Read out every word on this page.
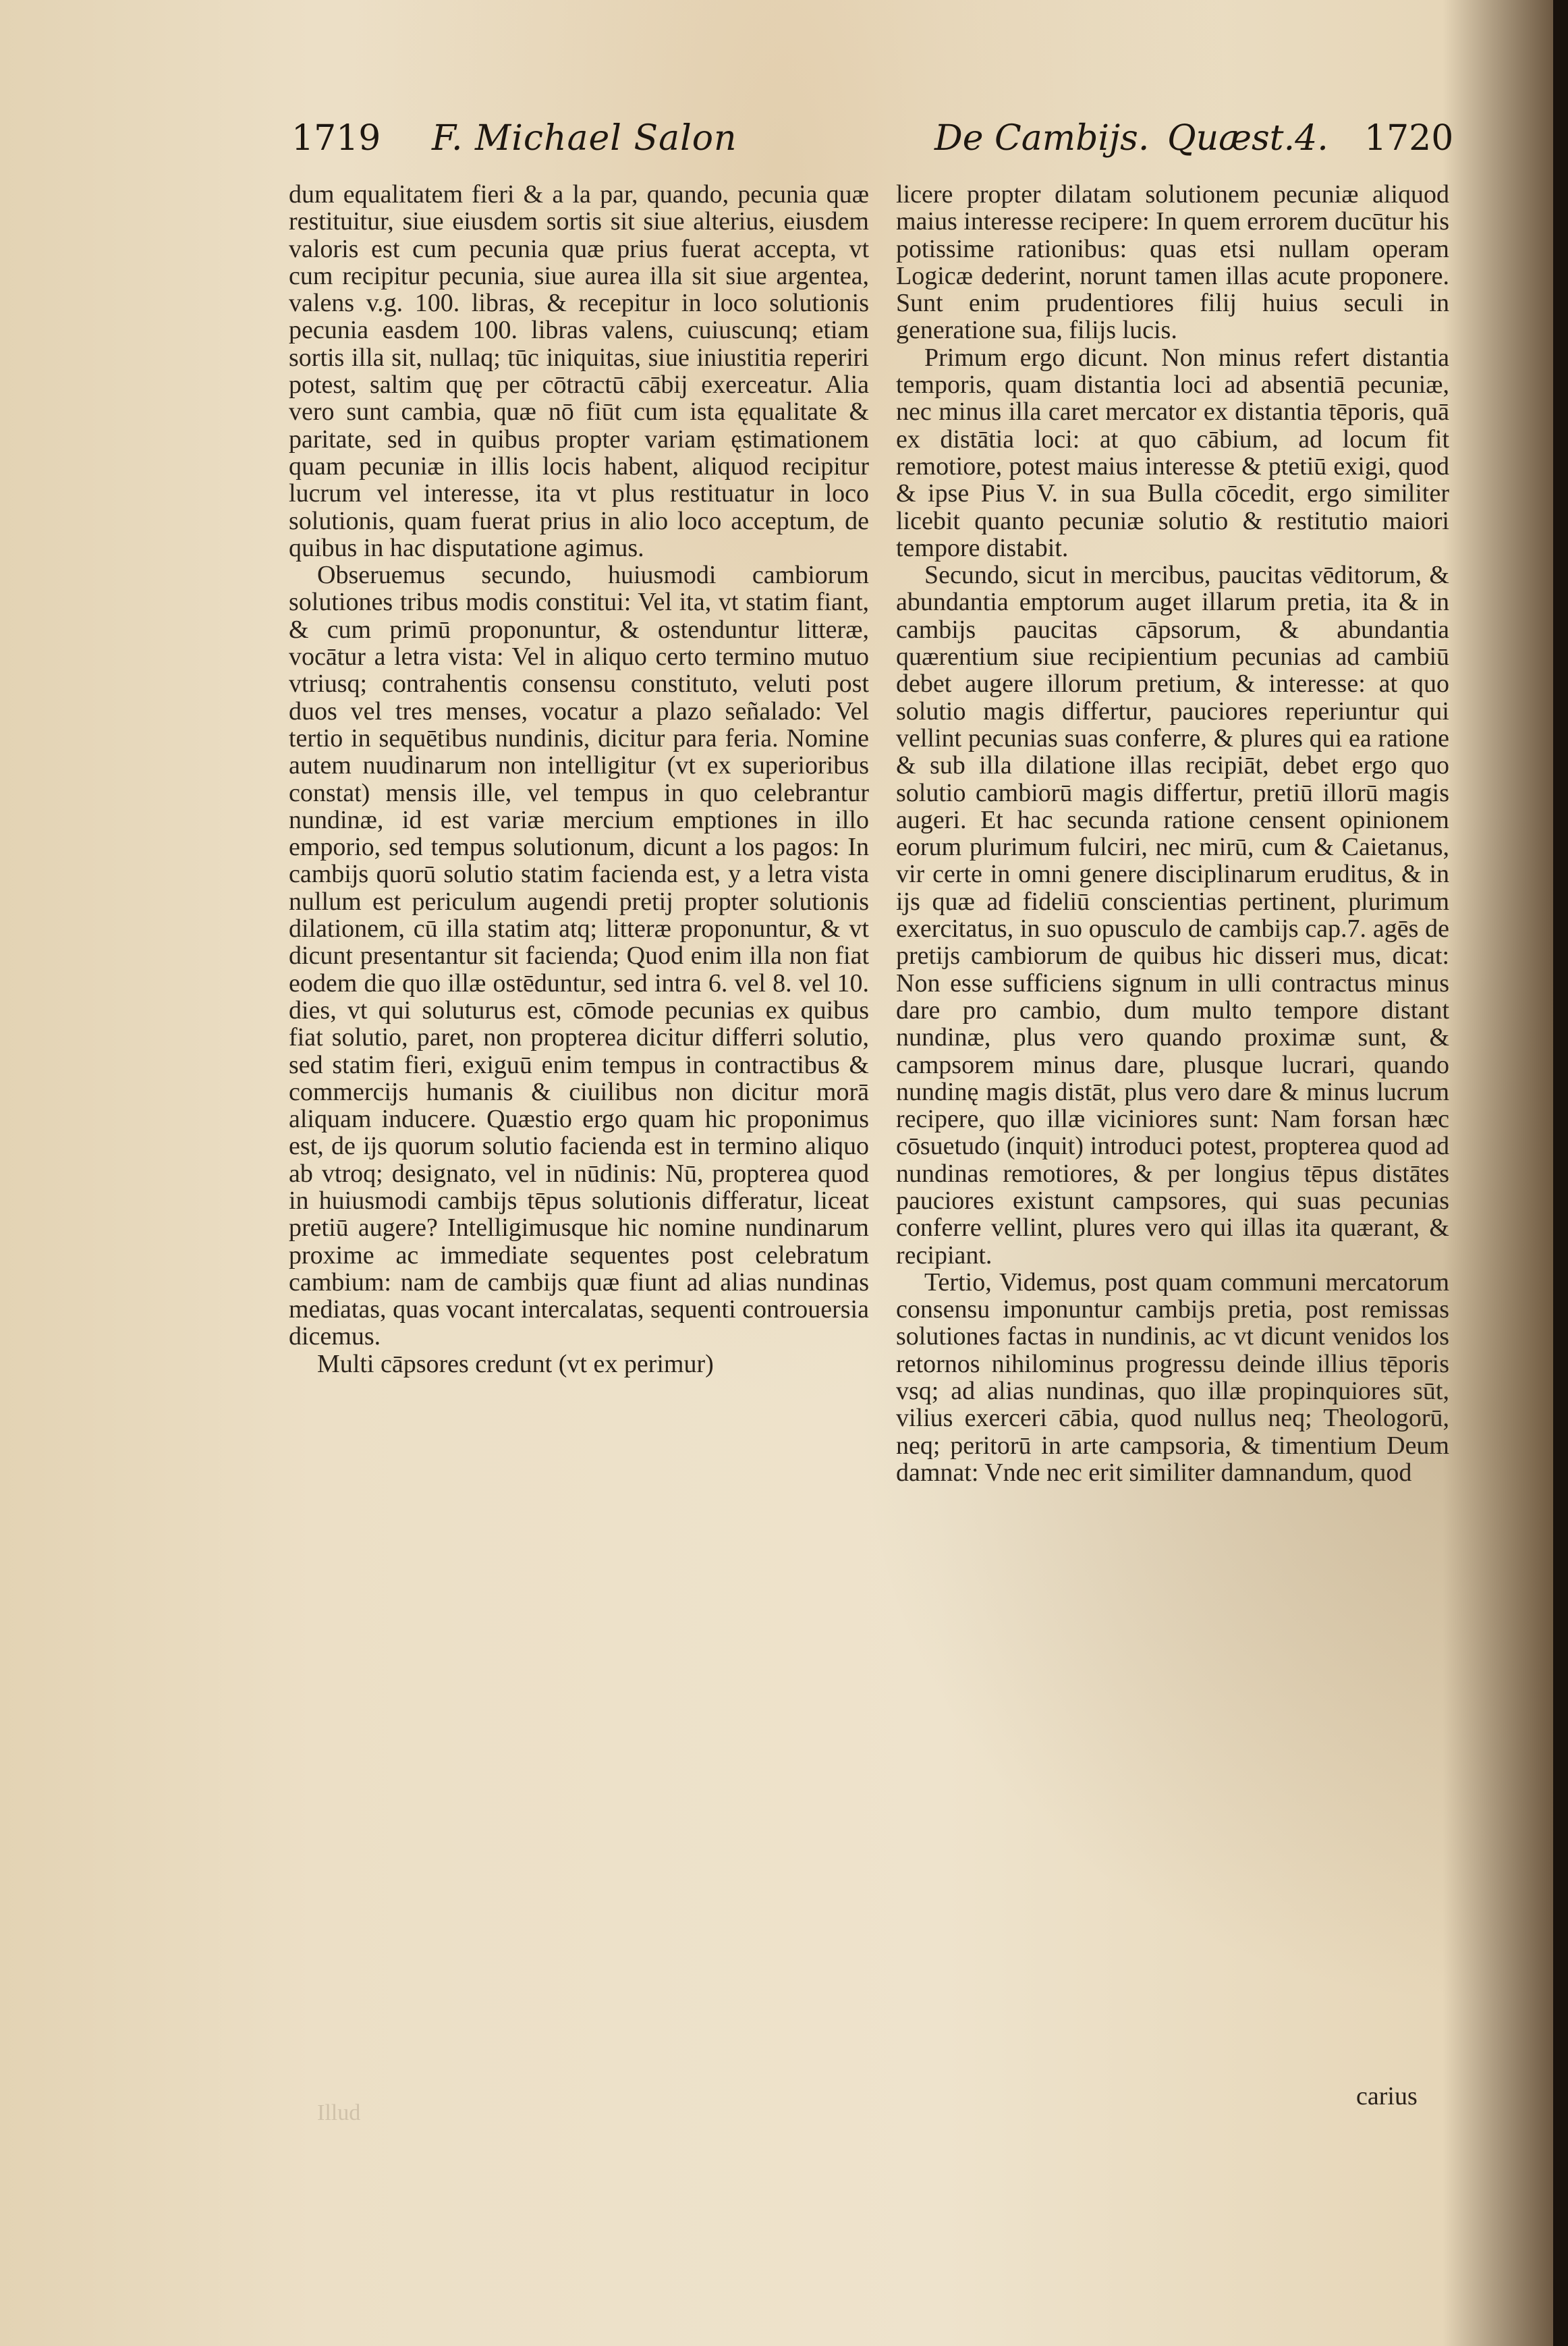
1719 F. Michael Salon	De Cambijs. Quæst.4. 1720

dum equalitatem fieri & a la par, quando, pecunia quæ restituitur, siue eiusdem sortis sit siue alterius, eiusdem valoris est cum pecunia quæ prius fuerat accepta, vt cum recipitur pecunia, siue aurea illa sit siue argentea, valens v.g. 100. libras, & recepitur in loco solutionis pecunia easdem 100. libras valens, cuiuscunq; etiam sortis illa sit, nullaq; tūc iniquitas, siue iniustitia reperiri potest, saltim quę per cōtractū cābij exerceatur. Alia vero sunt cambia, quæ nō fiūt cum ista ęqualitate & paritate, sed in quibus propter variam ęstimationem quam pecuniæ in illis locis habent, aliquod recipitur lucrum vel interesse, ita vt plus restituatur in loco solutionis, quam fuerat prius in alio loco acceptum, de quibus in hac disputatione agimus.

Obseruemus secundo, huiusmodi cambiorum solutiones tribus modis constitui: Vel ita, vt statim fiant, & cum primū proponuntur, & ostenduntur litteræ, vocātur a letra vista: Vel in aliquo certo termino mutuo vtriusq; contrahentis consensu constituto, veluti post duos vel tres menses, vocatur a plazo señalado: Vel tertio in sequētibus nundinis, dicitur para feria. Nomine autem nuudinarum non intelligitur (vt ex superioribus constat) mensis ille, vel tempus in quo celebrantur nundinæ, id est variæ mercium emptiones in illo emporio, sed tempus solutionum, dicunt a los pagos: In cambijs quorū solutio statim facienda est, y a letra vista nullum est periculum augendi pretij propter solutionis dilationem, cū illa statim atq; litteræ proponuntur, & vt dicunt presentantur sit facienda; Quod enim illa non fiat eodem die quo illæ ostēduntur, sed intra 6. vel 8. vel 10. dies, vt qui soluturus est, cōmode pecunias ex quibus fiat solutio, paret, non propterea dicitur differri solutio, sed statim fieri, exiguū enim tempus in contractibus & commercijs humanis & ciuilibus non dicitur morā aliquam inducere. Quæstio ergo quam hic proponimus est, de ijs quorum solutio facienda est in termino aliquo ab vtroq; designato, vel in nūdinis: Nū, propterea quod in huiusmodi cambijs tēpus solutionis differatur, liceat pretiū augere? Intelligimusque hic nomine nundinarum proxime ac immediate sequentes post celebratum cambium: nam de cambijs quæ fiunt ad alias nundinas mediatas, quas vocant intercalatas, sequenti controuersia dicemus.

Multi cāpsores credunt (vt ex perimur)

licere propter dilatam solutionem pecuniæ aliquod maius interesse recipere: In quem errorem ducūtur his potissime rationibus: quas etsi nullam operam Logicæ dederint, norunt tamen illas acute proponere. Sunt enim prudentiores filij huius seculi in generatione sua, filijs lucis.

Primum ergo dicunt. Non minus refert distantia temporis, quam distantia loci ad absentiā pecuniæ, nec minus illa caret mercator ex distantia tēporis, quā ex distātia loci: at quo cābium, ad locum fit remotiore, potest maius interesse & ptetiū exigi, quod & ipse Pius V. in sua Bulla cōcedit, ergo similiter licebit quanto pecuniæ solutio & restitutio maiori tempore distabit.

Secundo, sicut in mercibus, paucitas vēditorum, & abundantia emptorum auget illarum pretia, ita & in cambijs paucitas cāpsorum, & abundantia quærentium siue recipientium pecunias ad cambiū debet augere illorum pretium, & interesse: at quo solutio magis differtur, pauciores reperiuntur qui vellint pecunias suas conferre, & plures qui ea ratione & sub illa dilatione illas recipiāt, debet ergo quo solutio cambiorū magis differtur, pretiū illorū magis augeri. Et hac secunda ratione censent opinionem eorum plurimum fulciri, nec mirū, cum & Caietanus, vir certe in omni genere disciplinarum eruditus, & in ijs quæ ad fideliū conscientias pertinent, plurimum exercitatus, in suo opusculo de cambijs cap.7. agēs de pretijs cambiorum de quibus hic disseri mus, dicat: Non esse sufficiens signum in ulli contractus minus dare pro cambio, dum multo tempore distant nundinæ, plus vero quando proximæ sunt, & campsorem minus dare, plusque lucrari, quando nundinę magis distāt, plus vero dare & minus lucrum recipere, quo illæ viciniores sunt: Nam forsan hæc cōsuetudo (inquit) introduci potest, propterea quod ad nundinas remotiores, & per longius tēpus distātes pauciores existunt campsores, qui suas pecunias conferre vellint, plures vero qui illas ita quærant, & recipiant.

Tertio, Videmus, post quam communi mercatorum consensu imponuntur cambijs pretia, post remissas solutiones factas in nundinis, ac vt dicunt venidos los retornos nihilominus progressu deinde illius tēporis vsq; ad alias nundinas, quo illæ propinquiores sūt, vilius exerceri cābia, quod nullus neq; Theologorū, neq; peritorū in arte campsoria, & timentium Deum damnat: Vnde nec erit similiter damnandum, quod

carius
Illud
